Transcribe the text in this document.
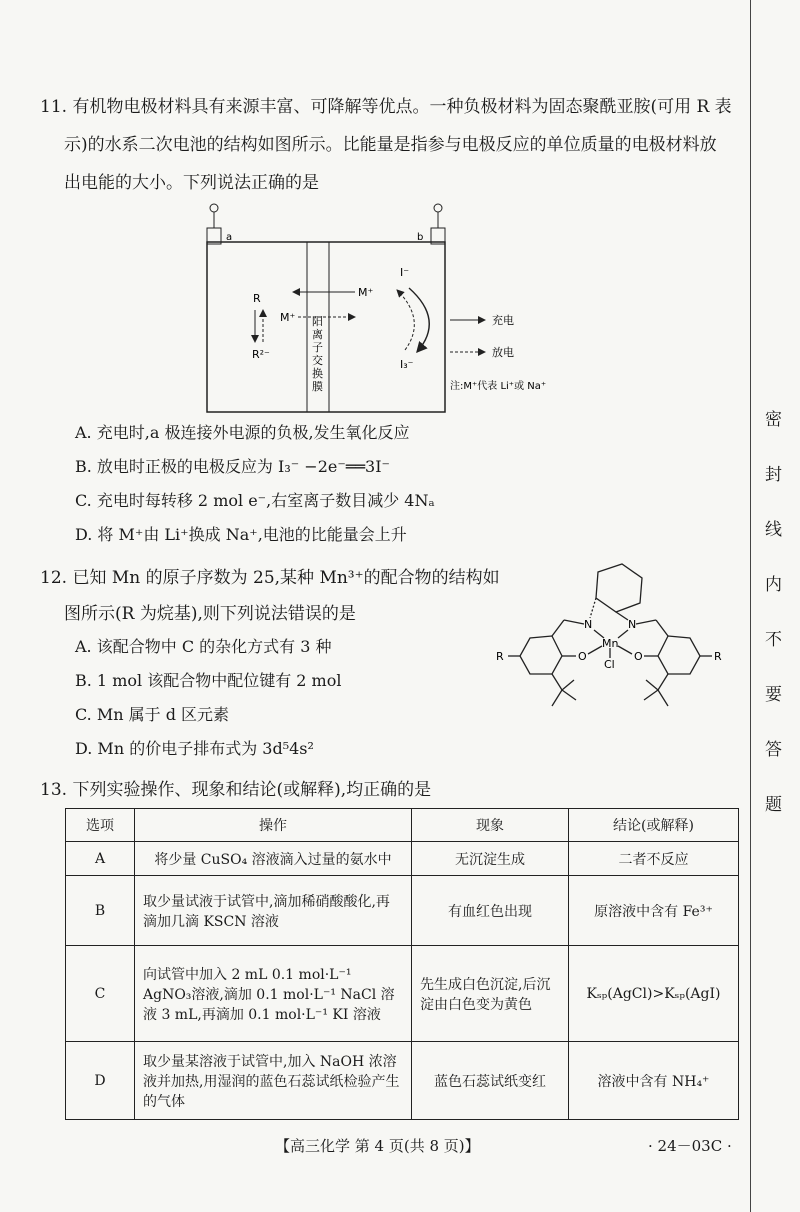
密
封
线
内
不
要
答
题
11. 有机物电极材料具有来源丰富、可降解等优点。一种负极材料为固态聚酰亚胺(可用 R 表
示)的水系二次电池的结构如图所示。比能量是指参与电极反应的单位质量的电极材料放
出电能的大小。下列说法正确的是
a	b
阳
离
子
交
换
膜
R
R²⁻
M⁺
M⁺
I⁻
I₃⁻
充电
放电
注:M⁺代表 Li⁺或 Na⁺
A. 充电时,a 极连接外电源的负极,发生氧化反应
B. 放电时正极的电极反应为 I₃⁻ −2e⁻══3I⁻
C. 充电时每转移 2 mol e⁻,右室离子数目减少 4Nₐ
D. 将 M⁺由 Li⁺换成 Na⁺,电池的比能量会上升
12. 已知 Mn 的原子序数为 25,某种 Mn³⁺的配合物的结构如
图所示(R 为烷基),则下列说法错误的是
A. 该配合物中 C 的杂化方式有 3 种
B. 1 mol 该配合物中配位键有 2 mol
C. Mn 属于 d 区元素
D. Mn 的价电子排布式为 3d⁵4s²
N	N
Mn
Cl
O	O
R	R
13. 下列实验操作、现象和结论(或解释),均正确的是
选项	操作	现象	结论(或解释)
A	将少量 CuSO₄ 溶液滴入过量的氨水中	无沉淀生成	二者不反应
B	取少量试液于试管中,滴加稀硝酸酸化,再滴加几滴 KSCN 溶液	有血红色出现	原溶液中含有 Fe³⁺
C	向试管中加入 2 mL 0.1 mol·L⁻¹ AgNO₃溶液,滴加 0.1 mol·L⁻¹ NaCl 溶液 3 mL,再滴加 0.1 mol·L⁻¹ KI 溶液	先生成白色沉淀,后沉淀由白色变为黄色	Kₛₚ(AgCl)>Kₛₚ(AgI)
D	取少量某溶液于试管中,加入 NaOH 浓溶液并加热,用湿润的蓝色石蕊试纸检验产生的气体	蓝色石蕊试纸变红	溶液中含有 NH₄⁺
【高三化学 第 4 页(共 8 页)】	· 24－03C ·
